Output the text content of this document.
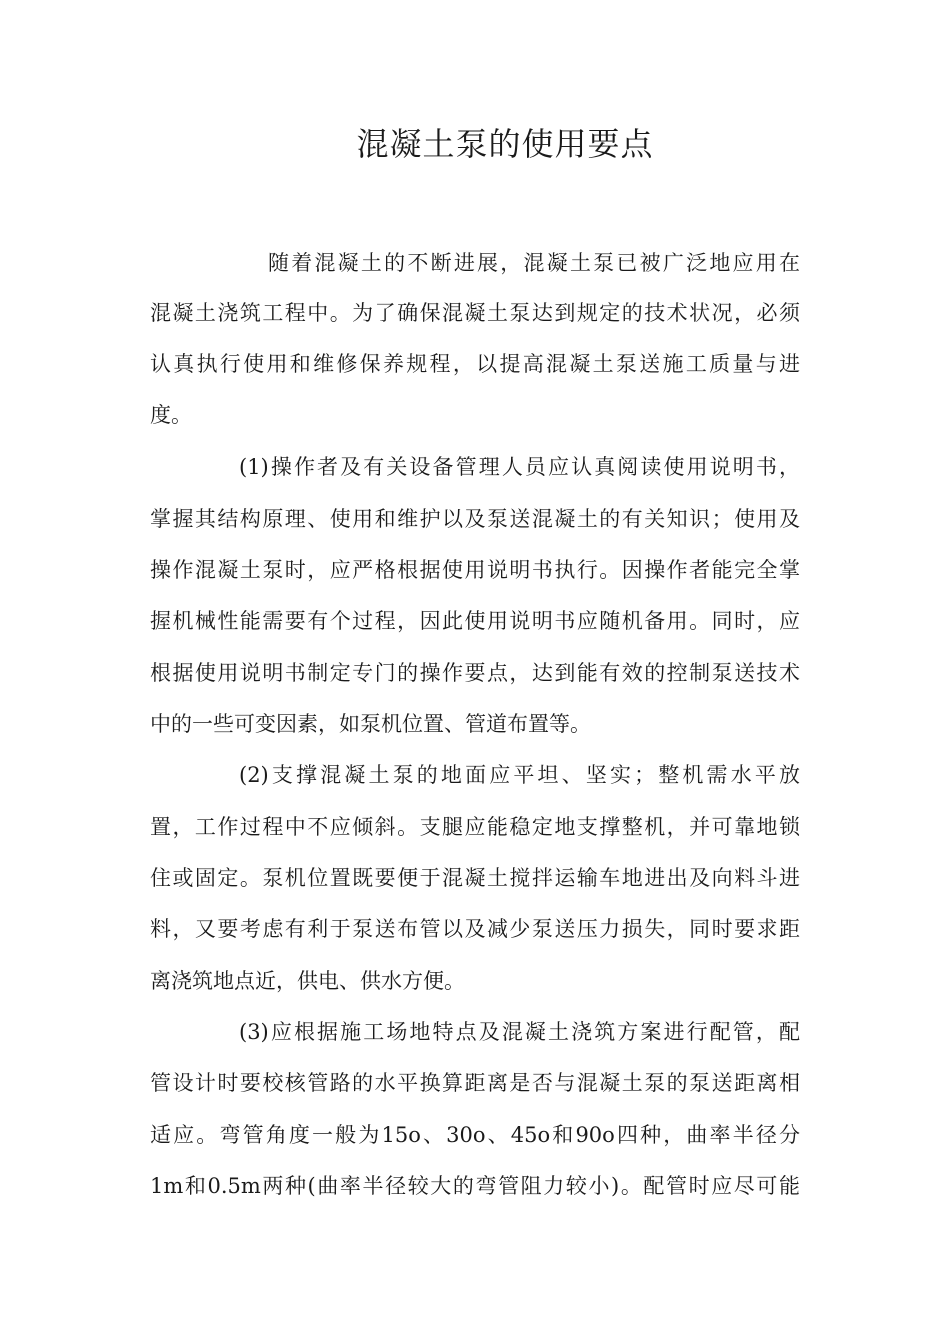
混凝土泵的使用要点
随着混凝土的不断进展，混凝土泵已被广泛地应用在
混凝土浇筑工程中。为了确保混凝土泵达到规定的技术状况，必须
认真执行使用和维修保养规程，以提高混凝土泵送施工质量与进
度。
(1)操作者及有关设备管理人员应认真阅读使用说明书，
掌握其结构原理、使用和维护以及泵送混凝土的有关知识；使用及
操作混凝土泵时，应严格根据使用说明书执行。因操作者能完全掌
握机械性能需要有个过程，因此使用说明书应随机备用。同时，应
根据使用说明书制定专门的操作要点，达到能有效的控制泵送技术
中的一些可变因素，如泵机位置、管道布置等。
(2)支撑混凝土泵的地面应平坦、坚实；整机需水平放
置，工作过程中不应倾斜。支腿应能稳定地支撑整机，并可靠地锁
住或固定。泵机位置既要便于混凝土搅拌运输车地进出及向料斗进
料，又要考虑有利于泵送布管以及减少泵送压力损失，同时要求距
离浇筑地点近，供电、供水方便。
(3)应根据施工场地特点及混凝土浇筑方案进行配管，配
管设计时要校核管路的水平换算距离是否与混凝土泵的泵送距离相
适应。弯管角度一般为15o、30o、45o和90o四种，曲率半径分
1m和0.5m两种(曲率半径较大的弯管阻力较小)。配管时应尽可能
